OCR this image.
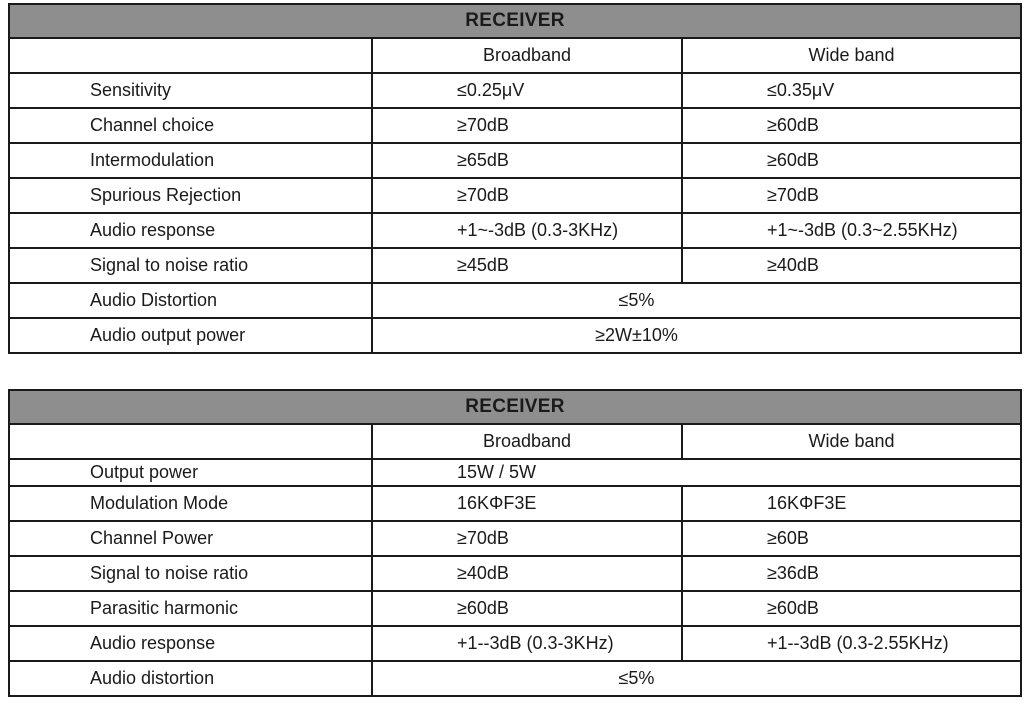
RECEIVER		
	Broadband	Wide band
Sensitivity	≤0.25μV	≤0.35μV
Channel choice	≥70dB	≥60dB
Intermodulation	≥65dB	≥60dB
Spurious Rejection	≥70dB	≥70dB
Audio response	+1~-3dB (0.3-3KHz)	+1~-3dB (0.3~2.55KHz)
Signal to noise ratio	≥45dB	≥40dB
Audio Distortion	≤5%	
Audio output power	≥2W±10%	
RECEIVER		
	Broadband	Wide band
Output power	15W / 5W	
Modulation Mode	16KΦF3E	16KΦF3E
Channel Power	≥70dB	≥60B
Signal to noise ratio	≥40dB	≥36dB
Parasitic harmonic	≥60dB	≥60dB
Audio response	+1--3dB (0.3-3KHz)	+1--3dB (0.3-2.55KHz)
Audio distortion	≤5%	
